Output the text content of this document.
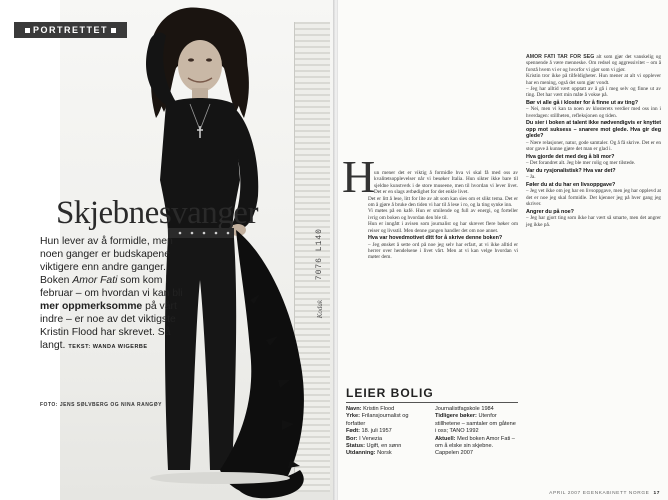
7076 L140
Kodak
PORTRETTET
Skjebnesvanger
Hun lever av å formidle, men noen ganger er budskapene viktigere enn andre ganger. Boken Amor Fati som kom i februar – om hvordan vi kan bli mer oppmerksomme på vårt indre – er noe av det viktigste Kristin Flood har skrevet. Så langt. TEKST: WANDA WIGERBE
FOTO: JENS SØLVBERG OG NINA RANGØY
H

un mener det er viktig å formidle hva vi skal få med oss av kvalitetsopplevelser når vi besøker Italia. Hun sikter ikke bare til sjeldne kunstverk i de store museene, men til hvordan vi lever livet. Det er en slags ærbødighet for det enkle livet.

Det er litt å lese, litt for lite av alt som kan sies om et slikt tema. Det er om å gjøre å bruke den tiden vi har til å lese i ro, og la ting synke inn.

Vi møtes på en kafé. Hun er smilende og full av energi, og forteller ivrig om boken og hvordan den ble til.

Hun er inngått i avisen som journalist og har skrevet flere bøker om reiser og livsstil. Men denne gangen handler det om noe annet.

Hva var hovedmotivet ditt for å skrive denne boken?

– Jeg ønsket å sette ord på noe jeg selv har erfart, at vi ikke alltid er herrer over hendelsene i livet vårt. Men at vi kan velge hvordan vi møter dem.

AMOR FATI TAR FOR SEG alt som gjør det vanskelig og spennende å være menneske. Om redsel og aggressivitet – om å forstå hvem vi er og hvorfor vi gjør som vi gjør.

Kristin tror ikke på tilfeldigheter. Hun mener at alt vi opplever har en mening, også det som gjør vondt.

– Jeg har alltid vært opptatt av å gå i meg selv og finne ut av ting. Det har vært min måte å vokse på.

Bør vi alle gå i kloster for å finne ut av ting?

– Nei, men vi kan ta noen av klosterets verdier med oss inn i hverdagen: stillheten, refleksjonen og tiden.

Du sier i boken at talent ikke nødvendigvis er knyttet opp mot suksess – snarere mot glede. Hva gir deg glede?

– Nære relasjoner, natur, gode samtaler. Og å få skrive. Det er en stor gave å kunne gjøre det man er glad i.

Hva gjorde det med deg å bli mor?

– Det forandret alt. Jeg ble mer rolig og mer tilstede.

Var du rysjonalistisk? Hva var det?

– Ja.

Føler du at du har en livsoppgave?

– Jeg vet ikke om jeg har en livsoppgave, men jeg har opplevd at det er noe jeg skal formidle. Det kjenner jeg på hver gang jeg skriver.

Angrer du på noe?

– Jeg har gjort ting som ikke har vært så smarte, men det angrer jeg ikke på.

LEIER BOLIG
Navn: Kristin Flood
Yrke: Frilansjournalist og forfatter
Født: 18. juli 1957
Bor: I Venezia
Status: Ugift, en sønn
Utdanning: Norsk
Journalistfagskole 1984
Tidligere bøker: Utenfor stillhetene – samtaler om gåtene i oss; TANO 1992
Aktuell: Med boken Amor Fati – om å elske sin skjebne. Cappelen 2007
APRIL 2007 EGENKABINETT NORGE 17
